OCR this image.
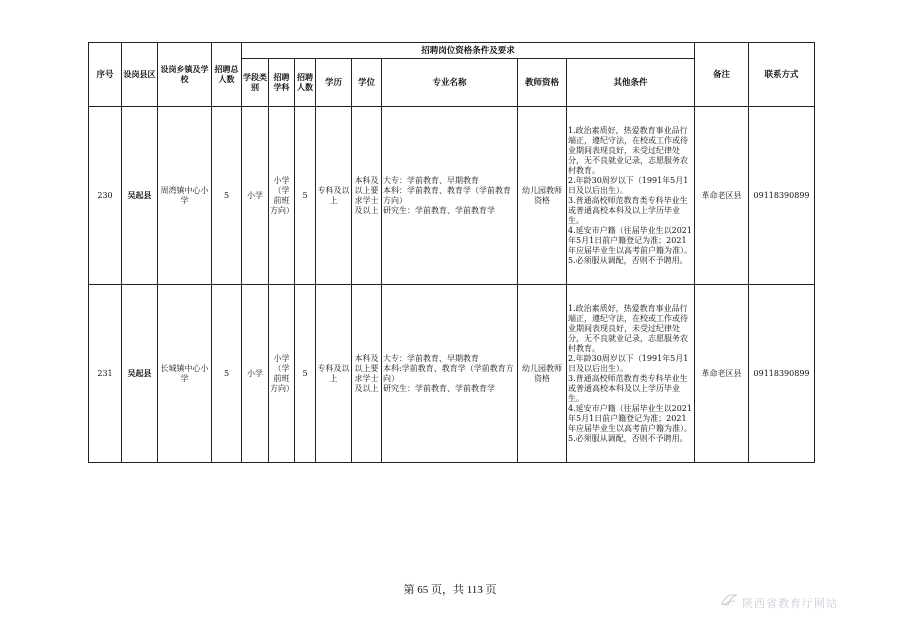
序号	设岗县区	设岗乡镇及学校	招聘总人数	招聘岗位资格条件及要求								备注	联系方式
				学段类别	招聘学科	招聘人数	学历	学位	专业名称	教师资格	其他条件		
230	吴起县	周湾镇中心小学	5	小学	小学（学前班方向）	5	专科及以上	本科及以上要求学士及以上	大专：学前教育、早期教育
本科：学前教育、教育学（学前教育方向）
研究生：学前教育、学前教育学	幼儿园教师资格	1.政治素质好，热爱教育事业品行端正，遵纪守法，在校或工作或待业期间表现良好，未受过纪律处分，无不良就业记录，志愿服务农村教育。
2.年龄30周岁以下（1991年5月1日及以后出生）。
3.普通高校师范教育类专科毕业生或普通高校本科及以上学历毕业生。
4.延安市户籍（往届毕业生以2021年5月1日前户籍登记为准；2021年应届毕业生以高考前户籍为准）。
5.必须服从调配，否则不予聘用。	革命老区县	09118390899
231	吴起县	长城镇中心小学	5	小学	小学（学前班方向）	5	专科及以上	本科及以上要求学士及以上	大专：学前教育、早期教育
本科:学前教育、教育学（学前教育方向）
研究生：学前教育、学前教育学	幼儿园教师资格	1.政治素质好，热爱教育事业品行端正，遵纪守法，在校或工作或待业期间表现良好，未受过纪律处分，无不良就业记录，志愿服务农村教育。
2.年龄30周岁以下（1991年5月1日及以后出生）。
3.普通高校师范教育类专科毕业生或普通高校本科及以上学历毕业生。
4.延安市户籍（往届毕业生以2021年5月1日前户籍登记为准；2021年应届毕业生以高考前户籍为准）。
5.必须服从调配，否则不予聘用。	革命老区县	09118390899
第 65 页，共 113 页
陕西省教育厅网站
